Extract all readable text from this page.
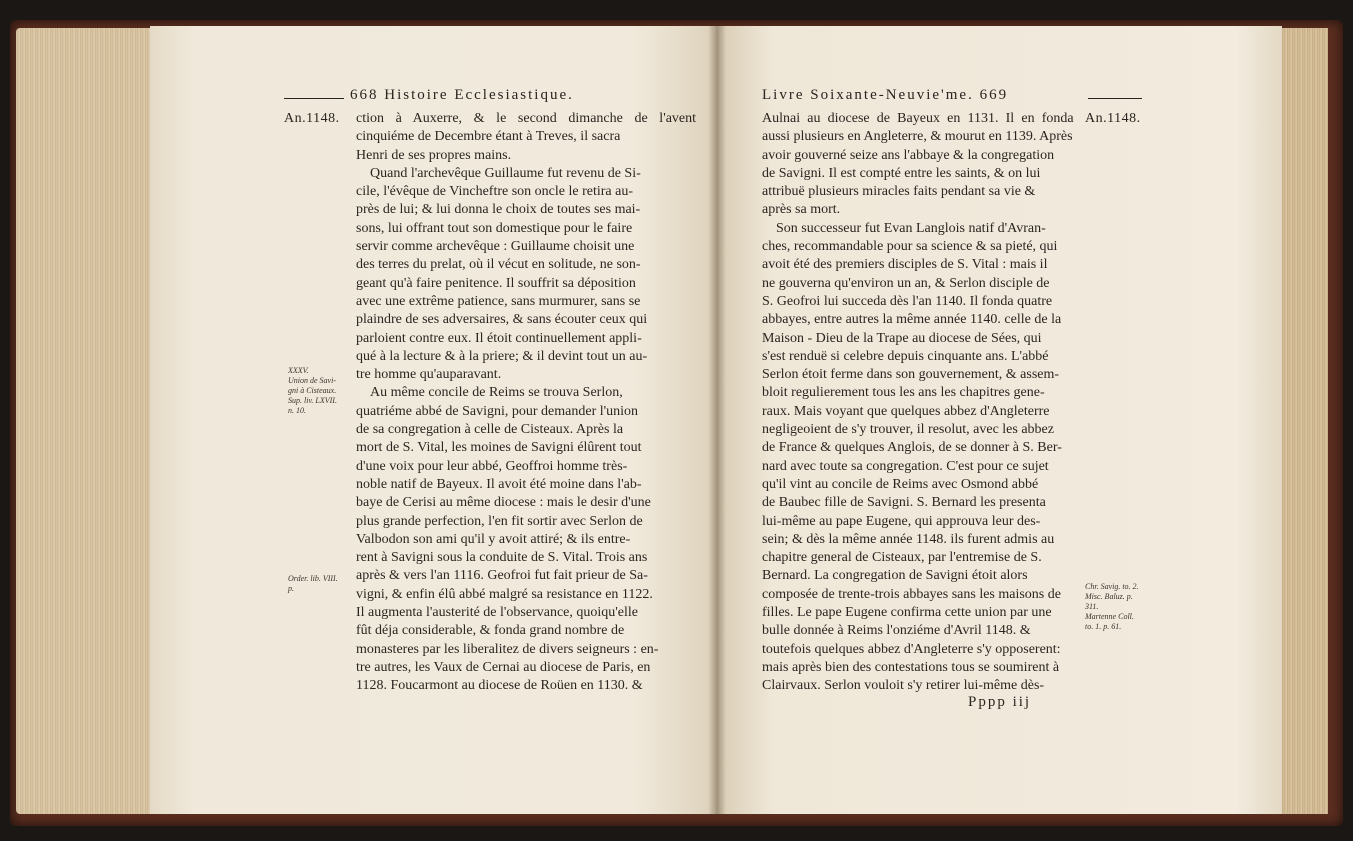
668 Histoire Ecclesiastique.
An.1148. ction à Auxerre, & le second dimanche de l'avent
cinquiéme de Decembre étant à Treves, il sacra
Henri de ses propres mains.
Quand l'archevêque Guillaume fut revenu de Si-
cile, l'évêque de Vincheftre son oncle le retira au-
près de lui; & lui donna le choix de toutes ses mai-
sons, lui offrant tout son domestique pour le faire
servir comme archevêque : Guillaume choisit une
des terres du prelat, où il vécut en solitude, ne son-
geant qu'à faire penitence. Il souffrit sa déposition
avec une extrême patience, sans murmurer, sans se
plaindre de ses adversaires, & sans écouter ceux qui
parloient contre eux. Il étoit continuellement appli-
qué à la lecture & à la priere; & il devint tout un au-
tre homme qu'auparavant.
Au même concile de Reims se trouva Serlon,
quatriéme abbé de Savigni, pour demander l'union
de sa congregation à celle de Cisteaux. Après la
mort de S. Vital, les moines de Savigni élûrent tout
d'une voix pour leur abbé, Geoffroi homme très-
noble natif de Bayeux. Il avoit été moine dans l'ab-
baye de Cerisi au même diocese : mais le desir d'une
plus grande perfection, l'en fit sortir avec Serlon de
Valbodon son ami qu'il y avoit attiré; & ils entre-
rent à Savigni sous la conduite de S. Vital. Trois ans
après & vers l'an 1116. Geofroi fut fait prieur de Sa-
vigni, & enfin élû abbé malgré sa resistance en 1122.
Il augmenta l'austerité de l'observance, quoiqu'elle
fût déja considerable, & fonda grand nombre de
monasteres par les liberalitez de divers seigneurs : en-
tre autres, les Vaux de Cernai au diocese de Paris, en
1128. Foucarmont au diocese de Roüen en 1130. &
XXXV.
Union de Savi-
gni à Cisteaux.
Sup. liv. LXVII.
n. 10.
Order. lib. VIII.
p.
Livre Soixante-Neuvie'me. 669
An.1148.
Aulnai au diocese de Bayeux en 1131. Il en fonda
aussi plusieurs en Angleterre, & mourut en 1139. Après
avoir gouverné seize ans l'abbaye & la congregation
de Savigni. Il est compté entre les saints, & on lui
attribuë plusieurs miracles faits pendant sa vie &
après sa mort.
Son successeur fut Evan Langlois natif d'Avran-
ches, recommandable pour sa science & sa pieté, qui
avoit été des premiers disciples de S. Vital : mais il
ne gouverna qu'environ un an, & Serlon disciple de
S. Geofroi lui succeda dès l'an 1140. Il fonda quatre
abbayes, entre autres la même année 1140. celle de la
Maison - Dieu de la Trape au diocese de Sées, qui
s'est renduë si celebre depuis cinquante ans. L'abbé
Serlon étoit ferme dans son gouvernement, & assem-
bloit regulierement tous les ans les chapitres gene-
raux. Mais voyant que quelques abbez d'Angleterre
negligeoient de s'y trouver, il resolut, avec les abbez
de France & quelques Anglois, de se donner à S. Ber-
nard avec toute sa congregation. C'est pour ce sujet
qu'il vint au concile de Reims avec Osmond abbé
de Baubec fille de Savigni. S. Bernard les presenta
lui-même au pape Eugene, qui approuva leur des-
sein; & dès la même année 1148. ils furent admis au
chapitre general de Cisteaux, par l'entremise de S.
Bernard. La congregation de Savigni étoit alors
composée de trente-trois abbayes sans les maisons de
filles. Le pape Eugene confirma cette union par une
bulle donnée à Reims l'onziéme d'Avril 1148. &
toutefois quelques abbez d'Angleterre s'y opposerent:
mais après bien des contestations tous se soumirent à
Clairvaux. Serlon vouloit s'y retirer lui-même dès-
Chr. Savig. to. 2.
Misc. Baluz. p.
311.
Martenne Coll.
to. 1. p. 61.
Pppp iij
